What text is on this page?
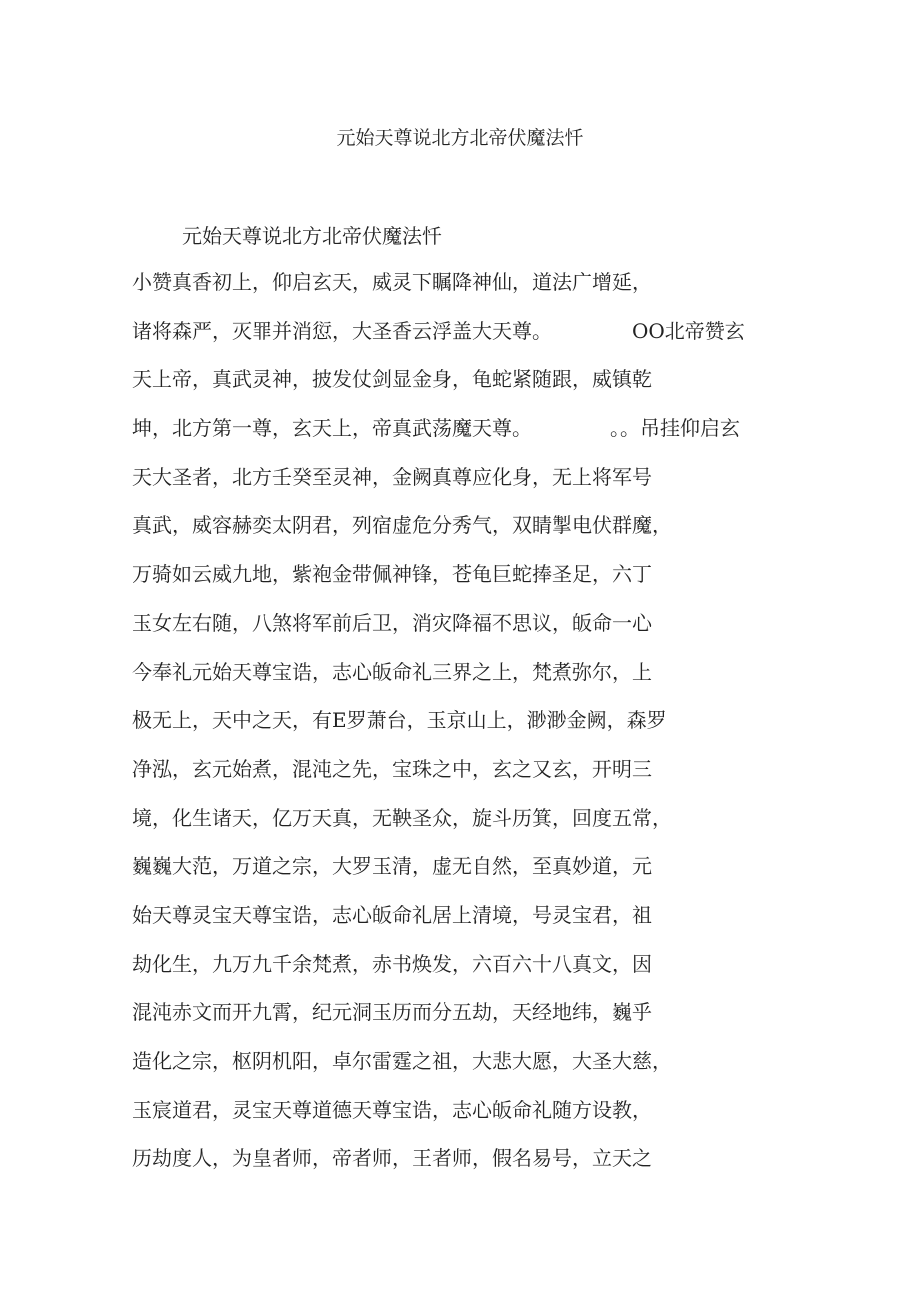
元始天尊说北方北帝伏魔法忏
元始天尊说北方北帝伏魔法忏
小赞真香初上，仰启玄天，威灵下瞩降神仙，道法广增延，
诸将森严，灭罪并消愆，大圣香云浮盖大天尊。	OO北帝赞玄
天上帝，真武灵神，披发仗剑显金身，龟蛇紧随跟，威镇乾
坤，北方第一尊，玄天上，帝真武荡魔天尊。	。。吊挂仰启玄
天大圣者，北方壬癸至灵神，金阙真尊应化身，无上将军号
真武，威容赫奕太阴君，列宿虚危分秀气，双睛掣电伏群魔，
万骑如云威九地，紫袍金带佩神锋，苍龟巨蛇捧圣足，六丁
玉女左右随，八煞将军前后卫，消灾降福不思议，皈命一心
今奉礼元始天尊宝诰，志心皈命礼三界之上，梵煮弥尔，上
极无上，天中之天，有E罗萧台，玉京山上，渺渺金阙，森罗
净泓，玄元始煮，混沌之先，宝珠之中，玄之又玄，开明三
境，化生诸天，亿万天真，无鞅圣众，旋斗历箕，回度五常，
巍巍大范，万道之宗，大罗玉清，虚无自然，至真妙道，元
始天尊灵宝天尊宝诰，志心皈命礼居上清境，号灵宝君，祖
劫化生，九万九千余梵煮，赤书焕发，六百六十八真文，因
混沌赤文而开九霄，纪元洞玉历而分五劫，天经地纬，巍乎
造化之宗，枢阴机阳，卓尔雷霆之祖，大悲大愿，大圣大慈，
玉宸道君，灵宝天尊道德天尊宝诰，志心皈命礼随方设教，
历劫度人，为皇者师，帝者师，王者师，假名易号，立天之
